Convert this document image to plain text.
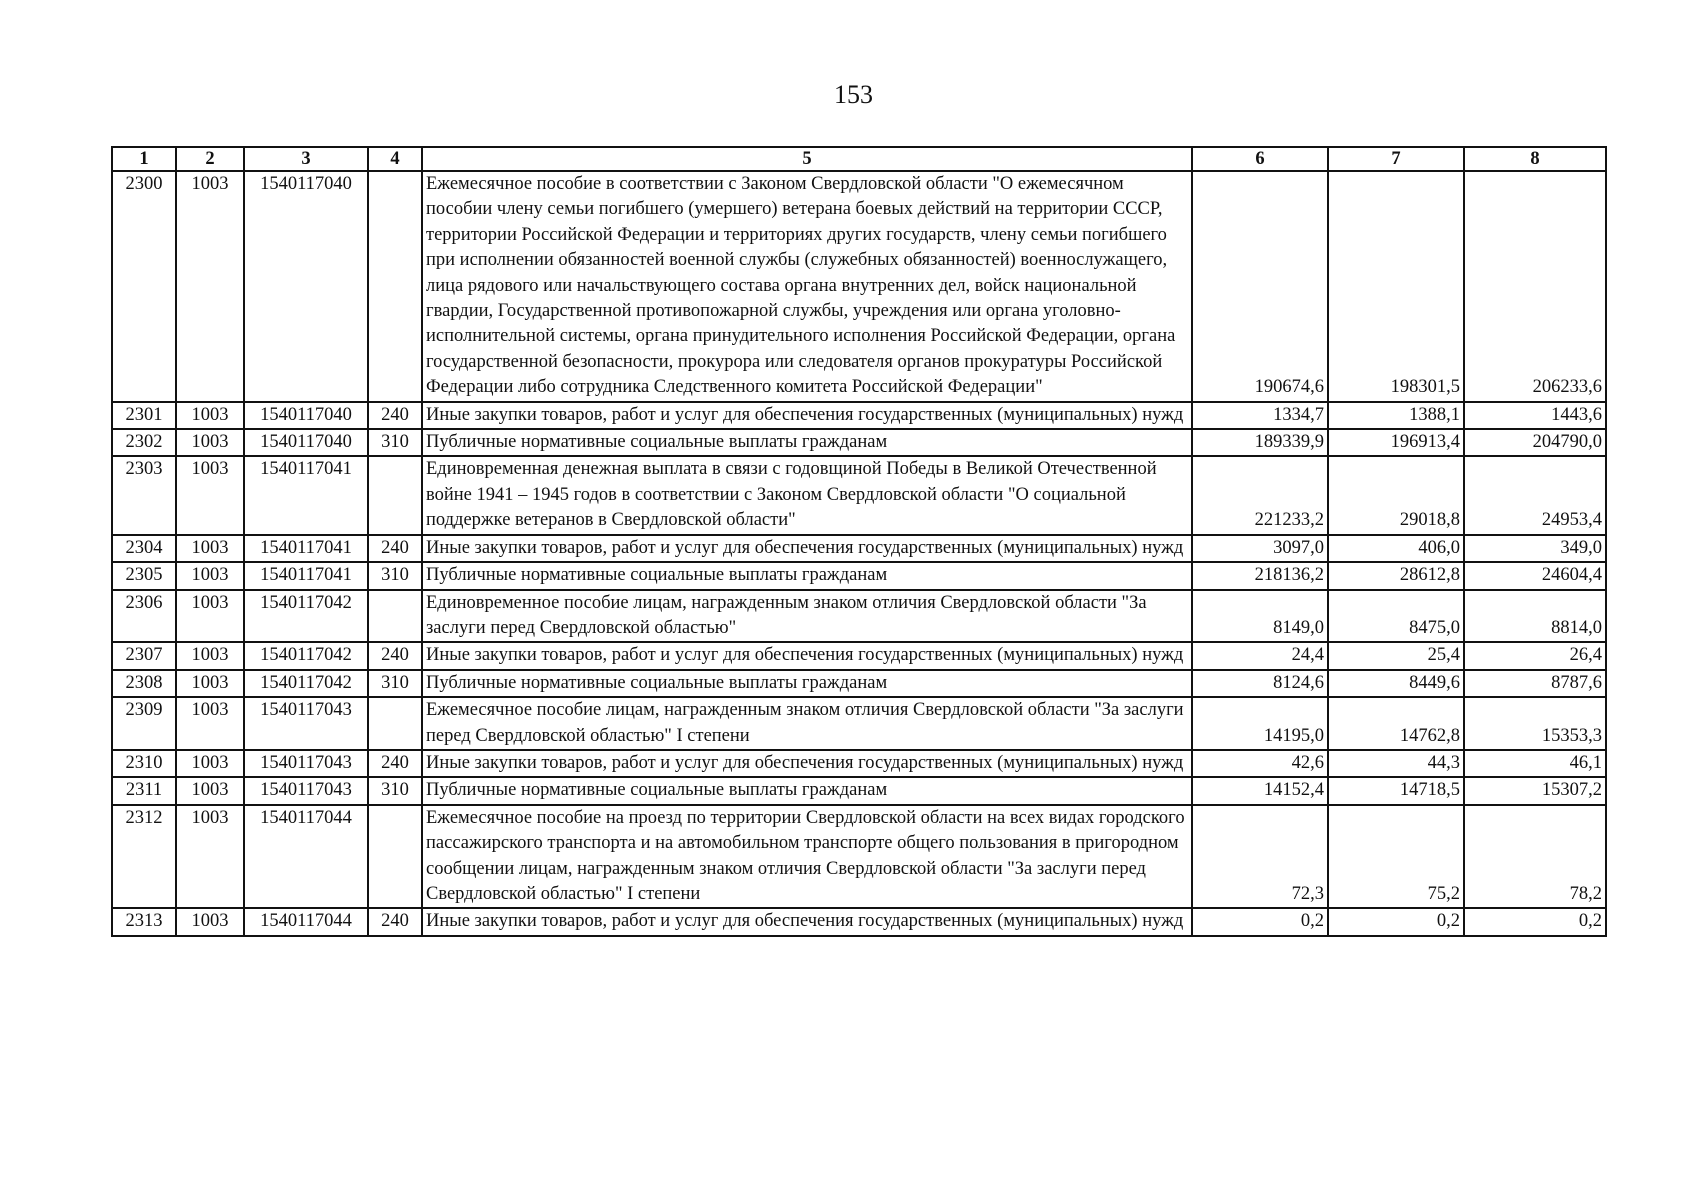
153
1	2	3	4	5	6	7	8
2300	1003	1540117040		Ежемесячное пособие в соответствии с Законом Свердловской области "О ежемесячном пособии члену семьи погибшего (умершего) ветерана боевых действий на территории СССР, территории Российской Федерации и территориях других государств, члену семьи погибшего при исполнении обязанностей военной службы (служебных обязанностей) военнослужащего, лица рядового или начальствующего состава органа внутренних дел, войск национальной гвардии, Государственной противопожарной службы, учреждения или органа уголовно-исполнительной системы, органа принудительного исполнения Российской Федерации, органа государственной безопасности, прокурора или следователя органов прокуратуры Российской Федерации либо сотрудника Следственного комитета Российской Федерации"	190674,6	198301,5	206233,6
2301	1003	1540117040	240	Иные закупки товаров, работ и услуг для обеспечения государственных (муниципальных) нужд	1334,7	1388,1	1443,6
2302	1003	1540117040	310	Публичные нормативные социальные выплаты гражданам	189339,9	196913,4	204790,0
2303	1003	1540117041		Единовременная денежная выплата в связи с годовщиной Победы в Великой Отечественной войне 1941 – 1945 годов в соответствии с Законом Свердловской области "О социальной поддержке ветеранов в Свердловской области"	221233,2	29018,8	24953,4
2304	1003	1540117041	240	Иные закупки товаров, работ и услуг для обеспечения государственных (муниципальных) нужд	3097,0	406,0	349,0
2305	1003	1540117041	310	Публичные нормативные социальные выплаты гражданам	218136,2	28612,8	24604,4
2306	1003	1540117042		Единовременное пособие лицам, награжденным знаком отличия Свердловской области "За заслуги перед Свердловской областью"	8149,0	8475,0	8814,0
2307	1003	1540117042	240	Иные закупки товаров, работ и услуг для обеспечения государственных (муниципальных) нужд	24,4	25,4	26,4
2308	1003	1540117042	310	Публичные нормативные социальные выплаты гражданам	8124,6	8449,6	8787,6
2309	1003	1540117043		Ежемесячное пособие лицам, награжденным знаком отличия Свердловской области "За заслуги перед Свердловской областью" I степени	14195,0	14762,8	15353,3
2310	1003	1540117043	240	Иные закупки товаров, работ и услуг для обеспечения государственных (муниципальных) нужд	42,6	44,3	46,1
2311	1003	1540117043	310	Публичные нормативные социальные выплаты гражданам	14152,4	14718,5	15307,2
2312	1003	1540117044		Ежемесячное пособие на проезд по территории Свердловской области на всех видах городского пассажирского транспорта и на автомобильном транспорте общего пользования в пригородном сообщении лицам, награжденным знаком отличия Свердловской области "За заслуги перед Свердловской областью" I степени	72,3	75,2	78,2
2313	1003	1540117044	240	Иные закупки товаров, работ и услуг для обеспечения государственных (муниципальных) нужд	0,2	0,2	0,2
